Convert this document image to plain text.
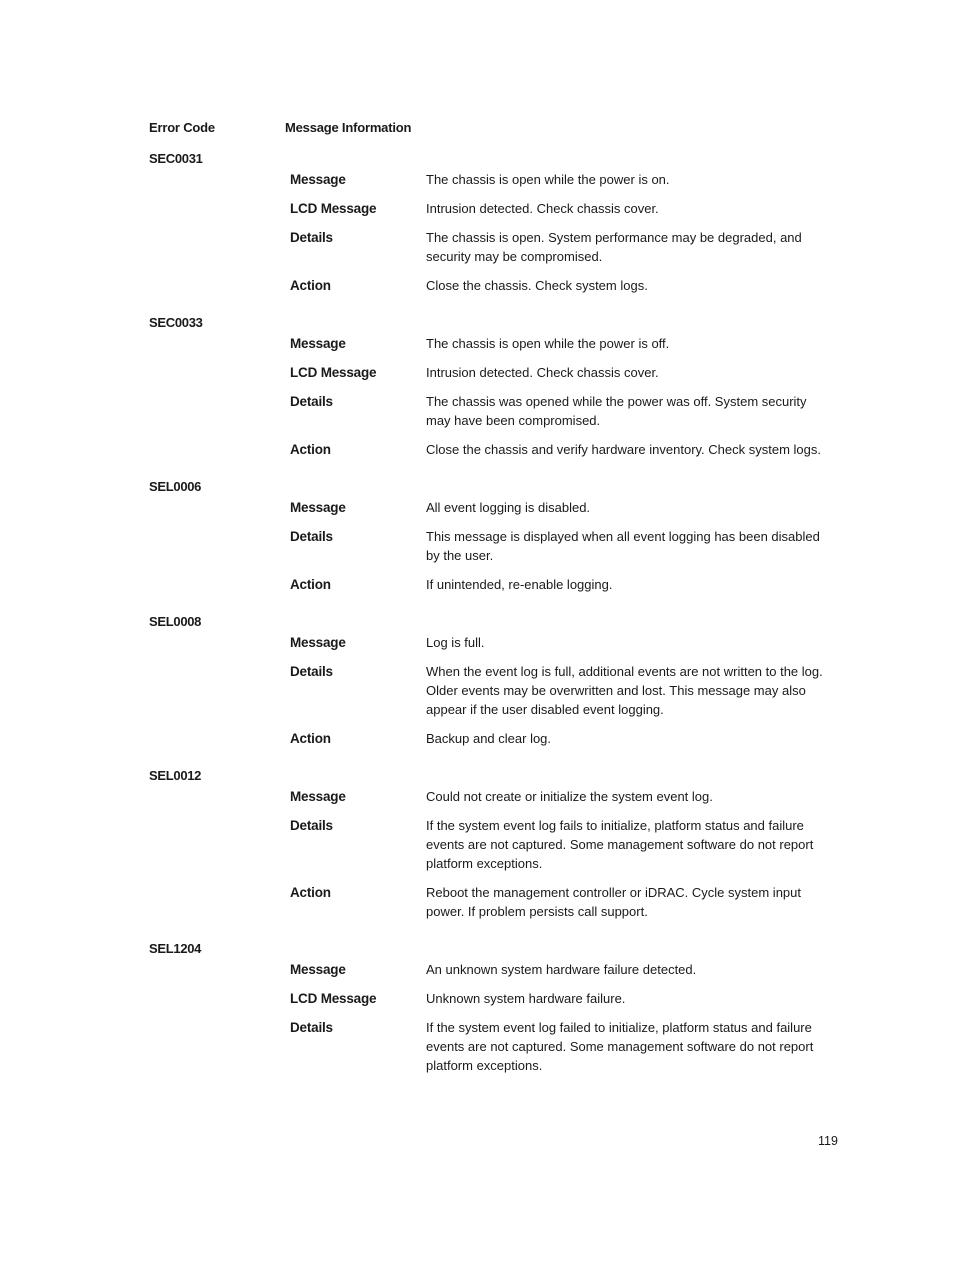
Error Code	Message Information
SEC0031
Message	The chassis is open while the power is on.
LCD Message	Intrusion detected. Check chassis cover.
Details	The chassis is open. System performance may be degraded, and
security may be compromised.
Action	Close the chassis. Check system logs.
SEC0033
Message	The chassis is open while the power is off.
LCD Message	Intrusion detected. Check chassis cover.
Details	The chassis was opened while the power was off. System security
may have been compromised.
Action	Close the chassis and verify hardware inventory. Check system logs.
SEL0006
Message	All event logging is disabled.
Details	This message is displayed when all event logging has been disabled
by the user.
Action	If unintended, re-enable logging.
SEL0008
Message	Log is full.
Details	When the event log is full, additional events are not written to the log.
Older events may be overwritten and lost. This message may also
appear if the user disabled event logging.
Action	Backup and clear log.
SEL0012
Message	Could not create or initialize the system event log.
Details	If the system event log fails to initialize, platform status and failure
events are not captured. Some management software do not report
platform exceptions.
Action	Reboot the management controller or iDRAC. Cycle system input
power. If problem persists call support.
SEL1204
Message	An unknown system hardware failure detected.
LCD Message	Unknown system hardware failure.
Details	If the system event log failed to initialize, platform status and failure
events are not captured. Some management software do not report
platform exceptions.
119
